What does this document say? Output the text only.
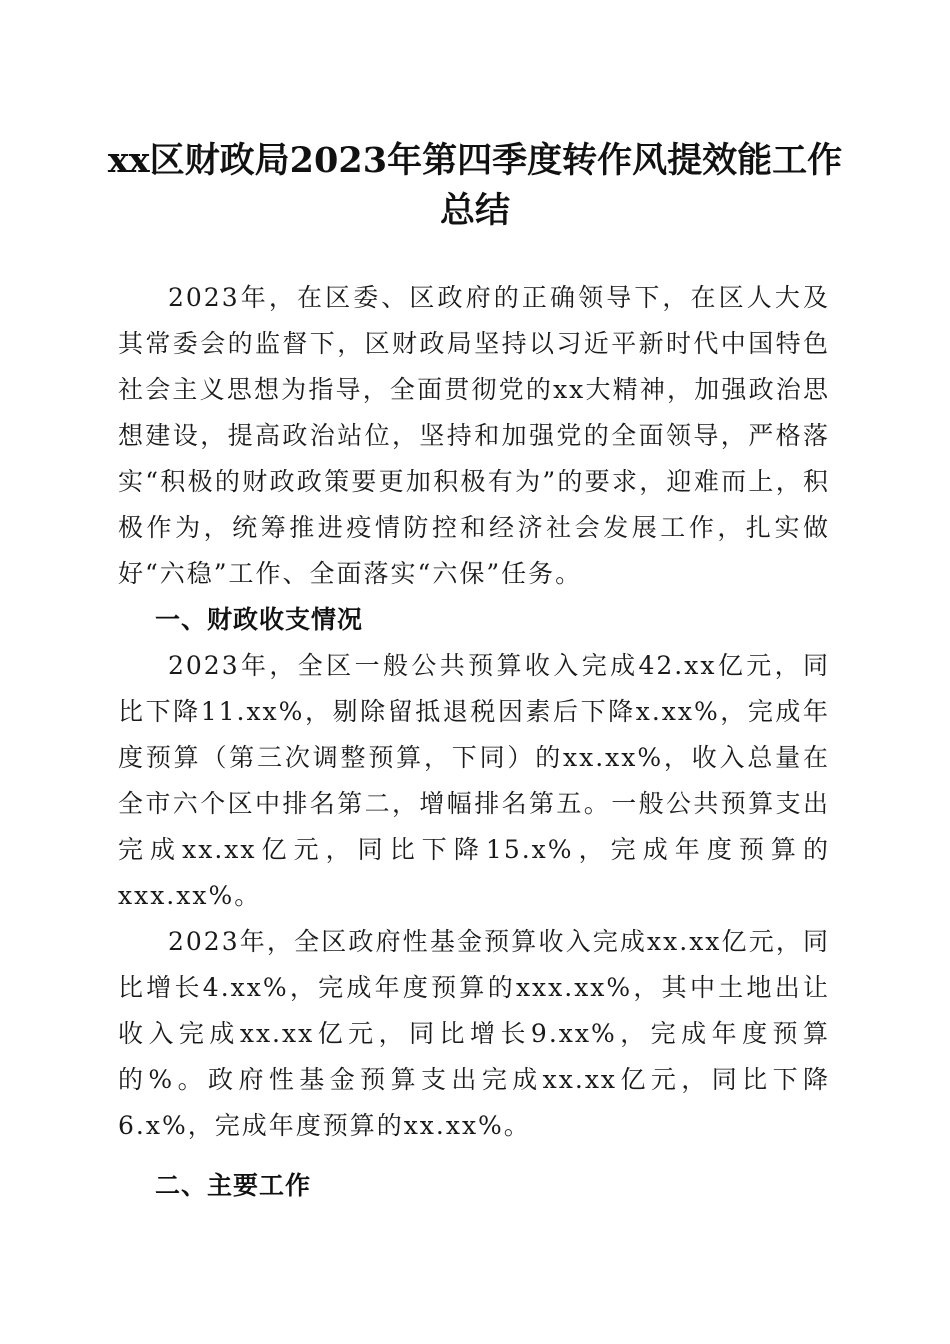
xx区财政局2023年第四季度转作风提效能工作总结

2023年，在区委、区政府的正确领导下，在区人大及其常委会的监督下，区财政局坚持以习近平新时代中国特色社会主义思想为指导，全面贯彻党的xx大精神，加强政治思想建设，提高政治站位，坚持和加强党的全面领导，严格落实“积极的财政政策要更加积极有为”的要求，迎难而上，积极作为，统筹推进疫情防控和经济社会发展工作，扎实做好“六稳”工作、全面落实“六保”任务。

一、财政收支情况

2023年，全区一般公共预算收入完成42.xx亿元，同比下降11.xx%，剔除留抵退税因素后下降x.xx%，完成年度预算（第三次调整预算，下同）的xx.xx%，收入总量在全市六个区中排名第二，增幅排名第五。一般公共预算支出完成xx.xx亿元，同比下降15.x%，完成年度预算的xxx.xx%。

2023年，全区政府性基金预算收入完成xx.xx亿元，同比增长4.xx%，完成年度预算的xxx.xx%，其中土地出让收入完成xx.xx亿元，同比增长9.xx%，完成年度预算的%。政府性基金预算支出完成xx.xx亿元，同比下降6.x%，完成年度预算的xx.xx%。

二、主要工作
